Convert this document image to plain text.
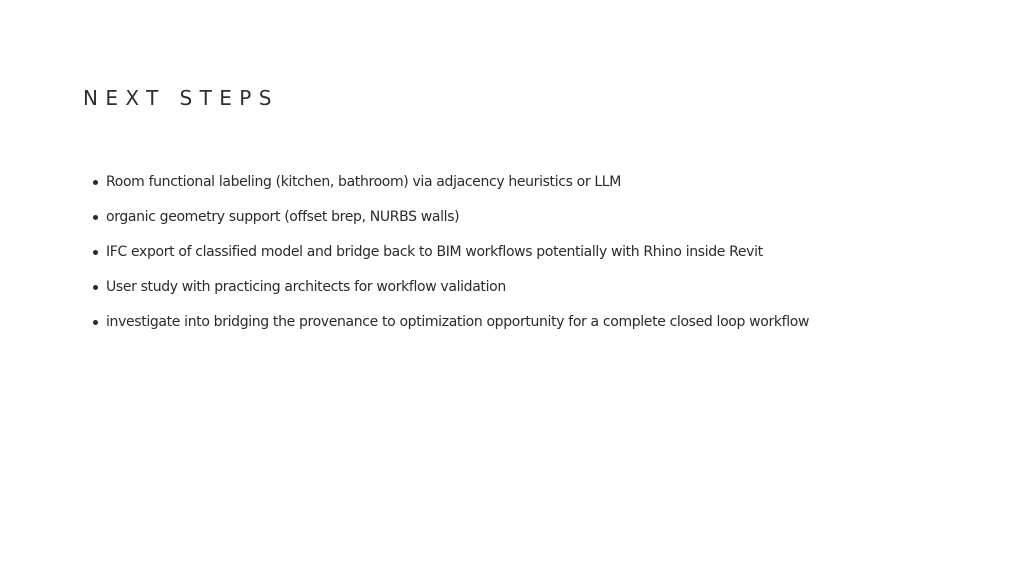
NEXT STEPS
Room functional labeling (kitchen, bathroom) via adjacency heuristics or LLM
organic geometry support (offset brep, NURBS walls)
IFC export of classified model and bridge back to BIM workflows potentially with Rhino inside Revit
User study with practicing architects for workflow validation
investigate into bridging the provenance to optimization opportunity for a complete closed loop workflow
